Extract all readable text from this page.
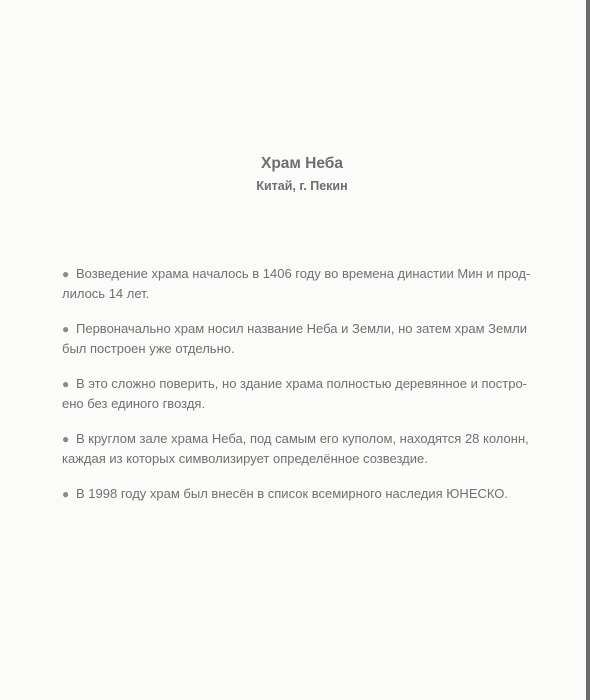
Храм Неба
Китай, г. Пекин
● Возведение храма началось в 1406 году во времена династии Мин и прод-
лилось 14 лет.
● Первоначально храм носил название Неба и Земли, но затем храм Земли
был построен уже отдельно.
● В это сложно поверить, но здание храма полностью деревянное и постро-
ено без единого гвоздя.
● В круглом зале храма Неба, под самым его куполом, находятся 28 колонн,
каждая из которых символизирует определённое созвездие.
● В 1998 году храм был внесён в список всемирного наследия ЮНЕСКО.
